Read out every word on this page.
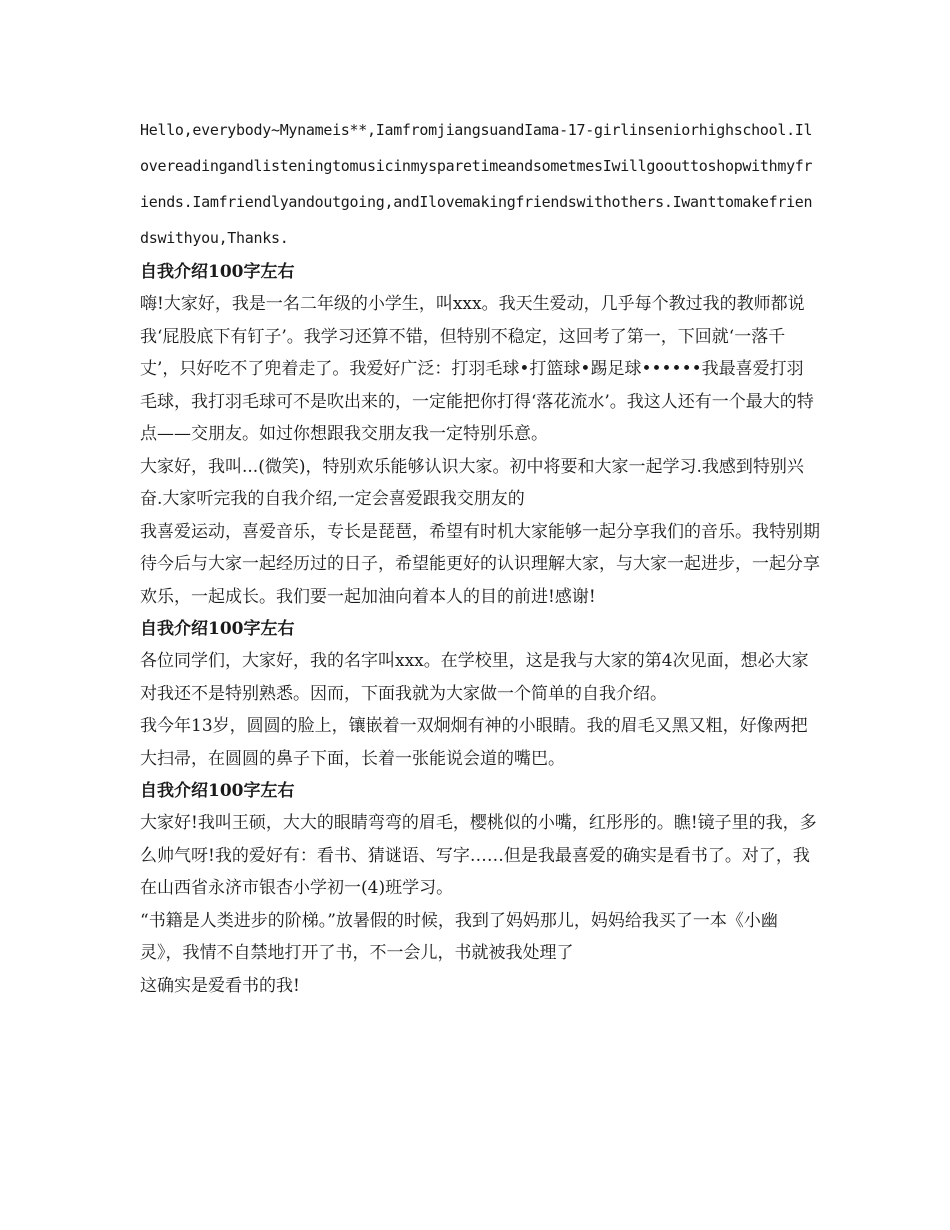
Hello,everybody~Mynameis**,IamfromjiangsuandIama-17-girlinseniorhighschool.IlovereadingandlisteningtomusicinmysparetimeandsometmesIwillgoouttoshopwithmyfriends.Iamfriendlyandoutgoing,andIlovemakingfriendswithothers.Iwanttomakefriendswithyou,Thanks.

自我介绍100字左右

嗨!大家好，我是一名二年级的小学生，叫xxx。我天生爱动，几乎每个教过我的教师都说我‘屁股底下有钉子’。我学习还算不错，但特别不稳定，这回考了第一，下回就‘一落千丈’，只好吃不了兜着走了。我爱好广泛：打羽毛球•打篮球•踢足球••••••我最喜爱打羽毛球，我打羽毛球可不是吹出来的，一定能把你打得‘落花流水’。我这人还有一个最大的特点——交朋友。如过你想跟我交朋友我一定特别乐意。

大家好，我叫...(微笑)，特别欢乐能够认识大家。初中将要和大家一起学习.我感到特别兴奋.大家听完我的自我介绍,一定会喜爱跟我交朋友的

我喜爱运动，喜爱音乐，专长是琵琶，希望有时机大家能够一起分享我们的音乐。我特别期待今后与大家一起经历过的日子，希望能更好的认识理解大家，与大家一起进步，一起分享欢乐，一起成长。我们要一起加油向着本人的目的前进!感谢!

自我介绍100字左右

各位同学们，大家好，我的名字叫xxx。在学校里，这是我与大家的第4次见面，想必大家对我还不是特别熟悉。因而，下面我就为大家做一个简单的自我介绍。

我今年13岁，圆圆的脸上，镶嵌着一双炯炯有神的小眼睛。我的眉毛又黑又粗，好像两把大扫帚，在圆圆的鼻子下面，长着一张能说会道的嘴巴。

自我介绍100字左右

大家好!我叫王硕，大大的眼睛弯弯的眉毛，樱桃似的小嘴，红彤彤的。瞧!镜子里的我，多么帅气呀!我的爱好有：看书、猜谜语、写字……但是我最喜爱的确实是看书了。对了，我在山西省永济市银杏小学初一(4)班学习。

“书籍是人类进步的阶梯。”放暑假的时候，我到了妈妈那儿，妈妈给我买了一本《小幽灵》，我情不自禁地打开了书，不一会儿，书就被我处理了

这确实是爱看书的我!
